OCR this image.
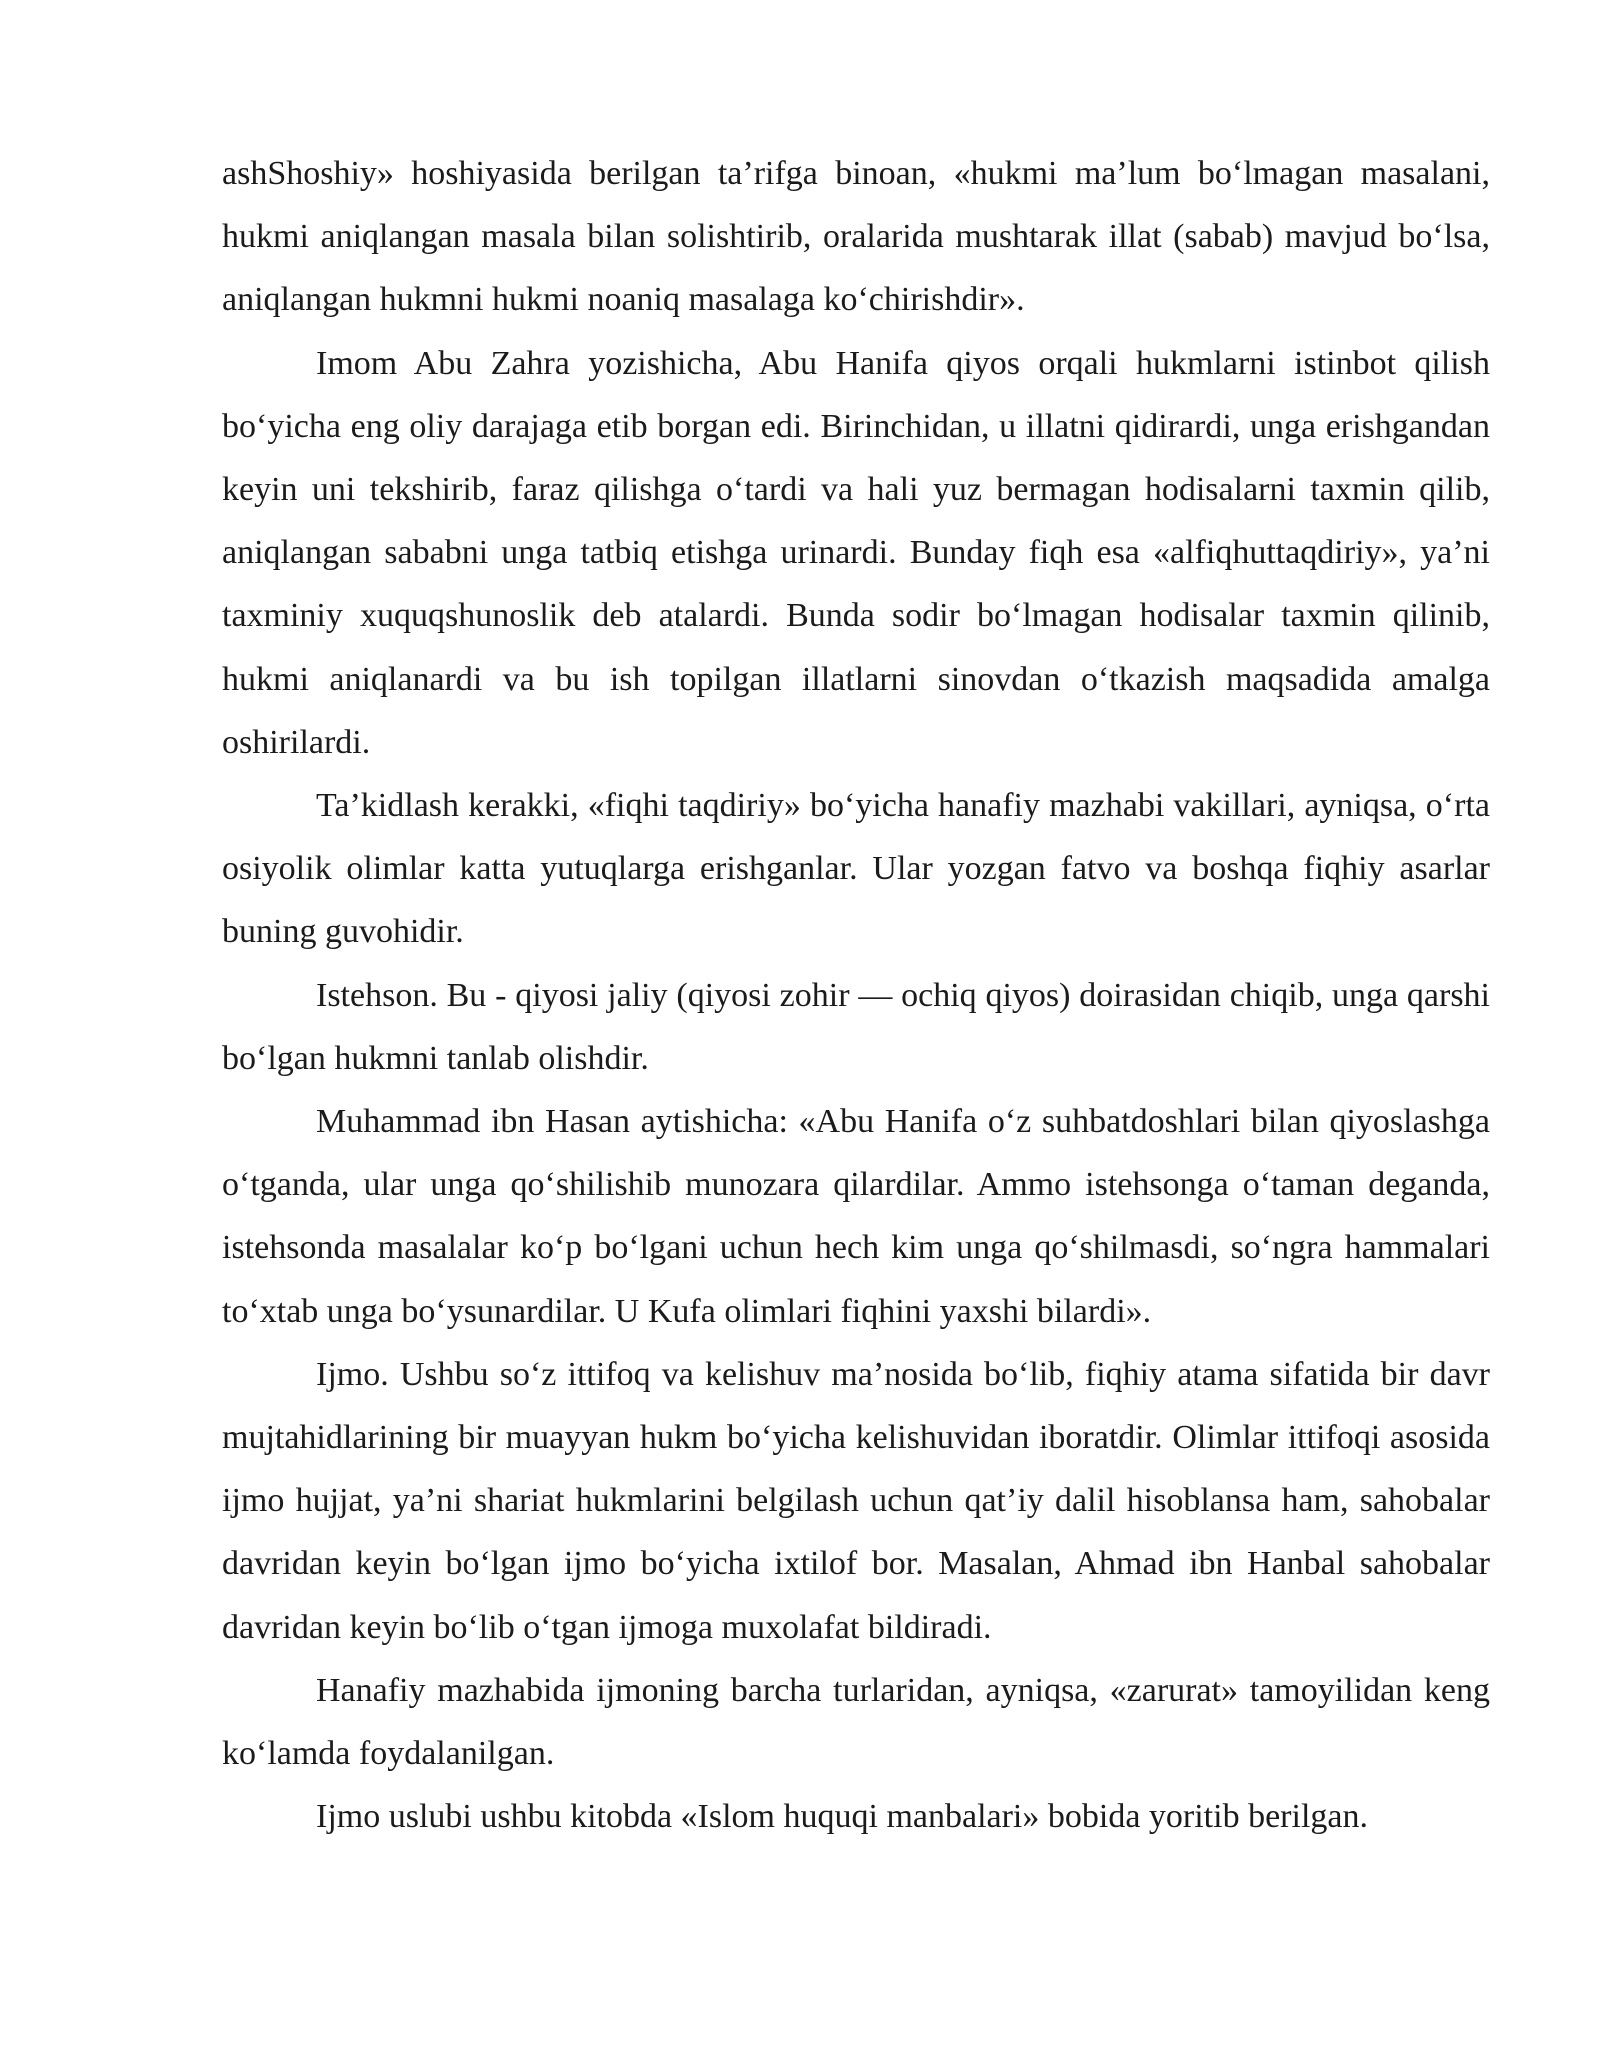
ashShoshiy» hoshiyasida berilgan ta’rifga binoan, «hukmi ma’lum bo‘lmagan masalani, hukmi aniqlangan masala bilan solishtirib, oralarida mushtarak illat (sabab) mavjud bo‘lsa, aniqlangan hukmni hukmi noaniq masalaga ko‘chirishdir».

Imom Abu Zahra yozishicha, Abu Hanifa qiyos orqali hukmlarni istinbot qilish bo‘yicha eng oliy darajaga etib borgan edi. Birinchidan, u illatni qidirardi, unga erishgandan keyin uni tekshirib, faraz qilishga o‘tardi va hali yuz bermagan hodisalarni taxmin qilib, aniqlangan sababni unga tatbiq etishga urinardi. Bunday fiqh esa «alfiqhuttaqdiriy», ya’ni taxminiy xuquqshunoslik deb atalardi. Bunda sodir bo‘lmagan hodisalar taxmin qilinib, hukmi aniqlanardi va bu ish topilgan illatlarni sinovdan o‘tkazish maqsadida amalga oshirilardi.

Ta’kidlash kerakki, «fiqhi taqdiriy» bo‘yicha hanafiy mazhabi vakillari, ayniqsa, o‘rta osiyolik olimlar katta yutuqlarga erishganlar. Ular yozgan fatvo va boshqa fiqhiy asarlar buning guvohidir.

Istehson. Bu - qiyosi jaliy (qiyosi zohir — ochiq qiyos) doirasidan chiqib, unga qarshi bo‘lgan hukmni tanlab olishdir.

Muhammad ibn Hasan aytishicha: «Abu Hanifa o‘z suhbatdoshlari bilan qiyoslashga o‘tganda, ular unga qo‘shilishib munozara qilardilar. Ammo istehsonga o‘taman deganda, istehsonda masalalar ko‘p bo‘lgani uchun hech kim unga qo‘shilmasdi, so‘ngra hammalari to‘xtab unga bo‘ysunardilar. U Kufa olimlari fiqhini yaxshi bilardi».

Ijmo. Ushbu so‘z ittifoq va kelishuv ma’nosida bo‘lib, fiqhiy atama sifatida bir davr mujtahidlarining bir muayyan hukm bo‘yicha kelishuvidan iboratdir. Olimlar ittifoqi asosida ijmo hujjat, ya’ni shariat hukmlarini belgilash uchun qat’iy dalil hisoblansa ham, sahobalar davridan keyin bo‘lgan ijmo bo‘yicha ixtilof bor. Masalan, Ahmad ibn Hanbal sahobalar davridan keyin bo‘lib o‘tgan ijmoga muxolafat bildiradi.

Hanafiy mazhabida ijmoning barcha turlaridan, ayniqsa, «zarurat» tamoyilidan keng ko‘lamda foydalanilgan.

Ijmo uslubi ushbu kitobda «Islom huquqi manbalari» bobida yoritib berilgan.
